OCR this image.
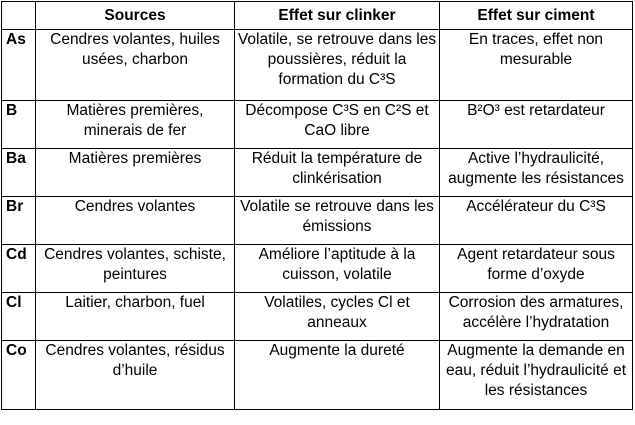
	Sources	Effet sur clinker	Effet sur ciment
As	Cendres volantes, huiles usées, charbon	Volatile, se retrouve dans les poussières, réduit la formation du C³S	En traces, effet non mesurable
B	Matières premières, minerais de fer	Décompose C³S en C²S et CaO libre	B²O³ est retardateur
Ba	Matières premières	Réduit la température de clinkérisation	Active l’hydraulicité, augmente les résistances
Br	Cendres volantes	Volatile se retrouve dans les émissions	Accélérateur du C³S
Cd	Cendres volantes, schiste, peintures	Améliore l’aptitude à la cuisson, volatile	Agent retardateur sous forme d’oxyde
Cl	Laitier, charbon, fuel	Volatiles, cycles Cl et anneaux	Corrosion des armatures, accélère l’hydratation
Co	Cendres volantes, résidus d’huile	Augmente la dureté	Augmente la demande en eau, réduit l’hydraulicité et les résistances
